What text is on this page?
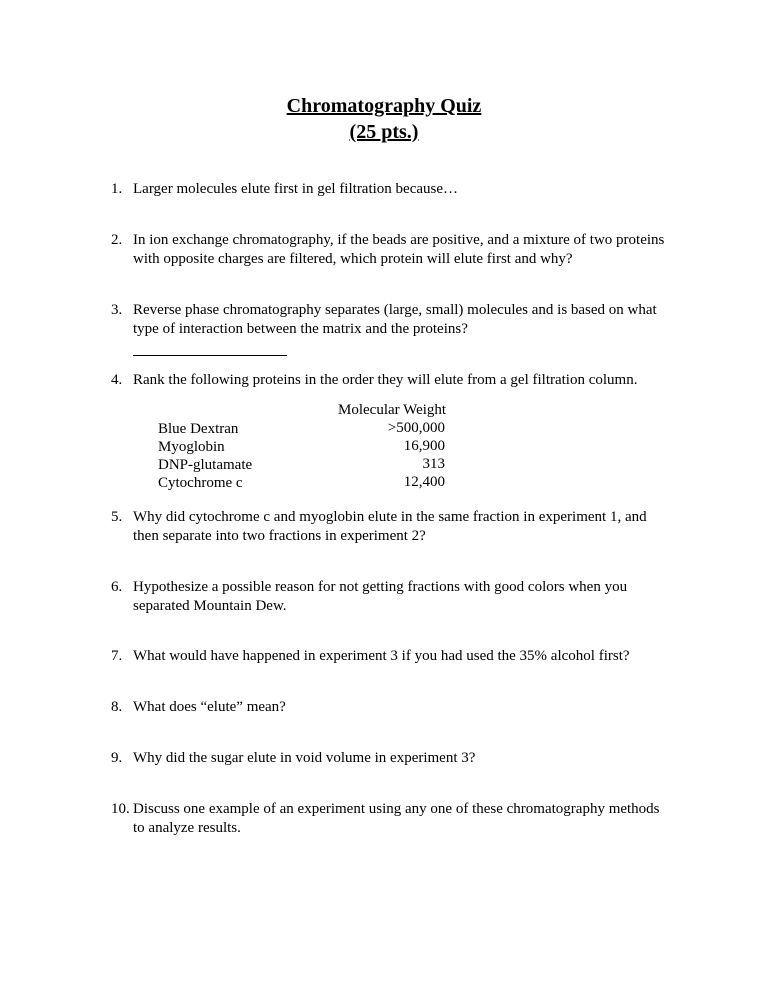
Chromatography Quiz
(25 pts.)
1. Larger molecules elute first in gel filtration because…
2. In ion exchange chromatography, if the beads are positive, and a mixture of two proteins with opposite charges are filtered, which protein will elute first and why?
3. Reverse phase chromatography separates (large, small) molecules and is based on what type of interaction between the matrix and the proteins?
4. Rank the following proteins in the order they will elute from a gel filtration column.
Molecular Weight
Blue Dextran
Myoglobin
DNP-glutamate
Cytochrome c
>500,000
16,900
313
12,400
5. Why did cytochrome c and myoglobin elute in the same fraction in experiment 1, and then separate into two fractions in experiment 2?
6. Hypothesize a possible reason for not getting fractions with good colors when you separated Mountain Dew.
7. What would have happened in experiment 3 if you had used the 35% alcohol first?
8. What does “elute” mean?
9. Why did the sugar elute in void volume in experiment 3?
10. Discuss one example of an experiment using any one of these chromatography methods to analyze results.
